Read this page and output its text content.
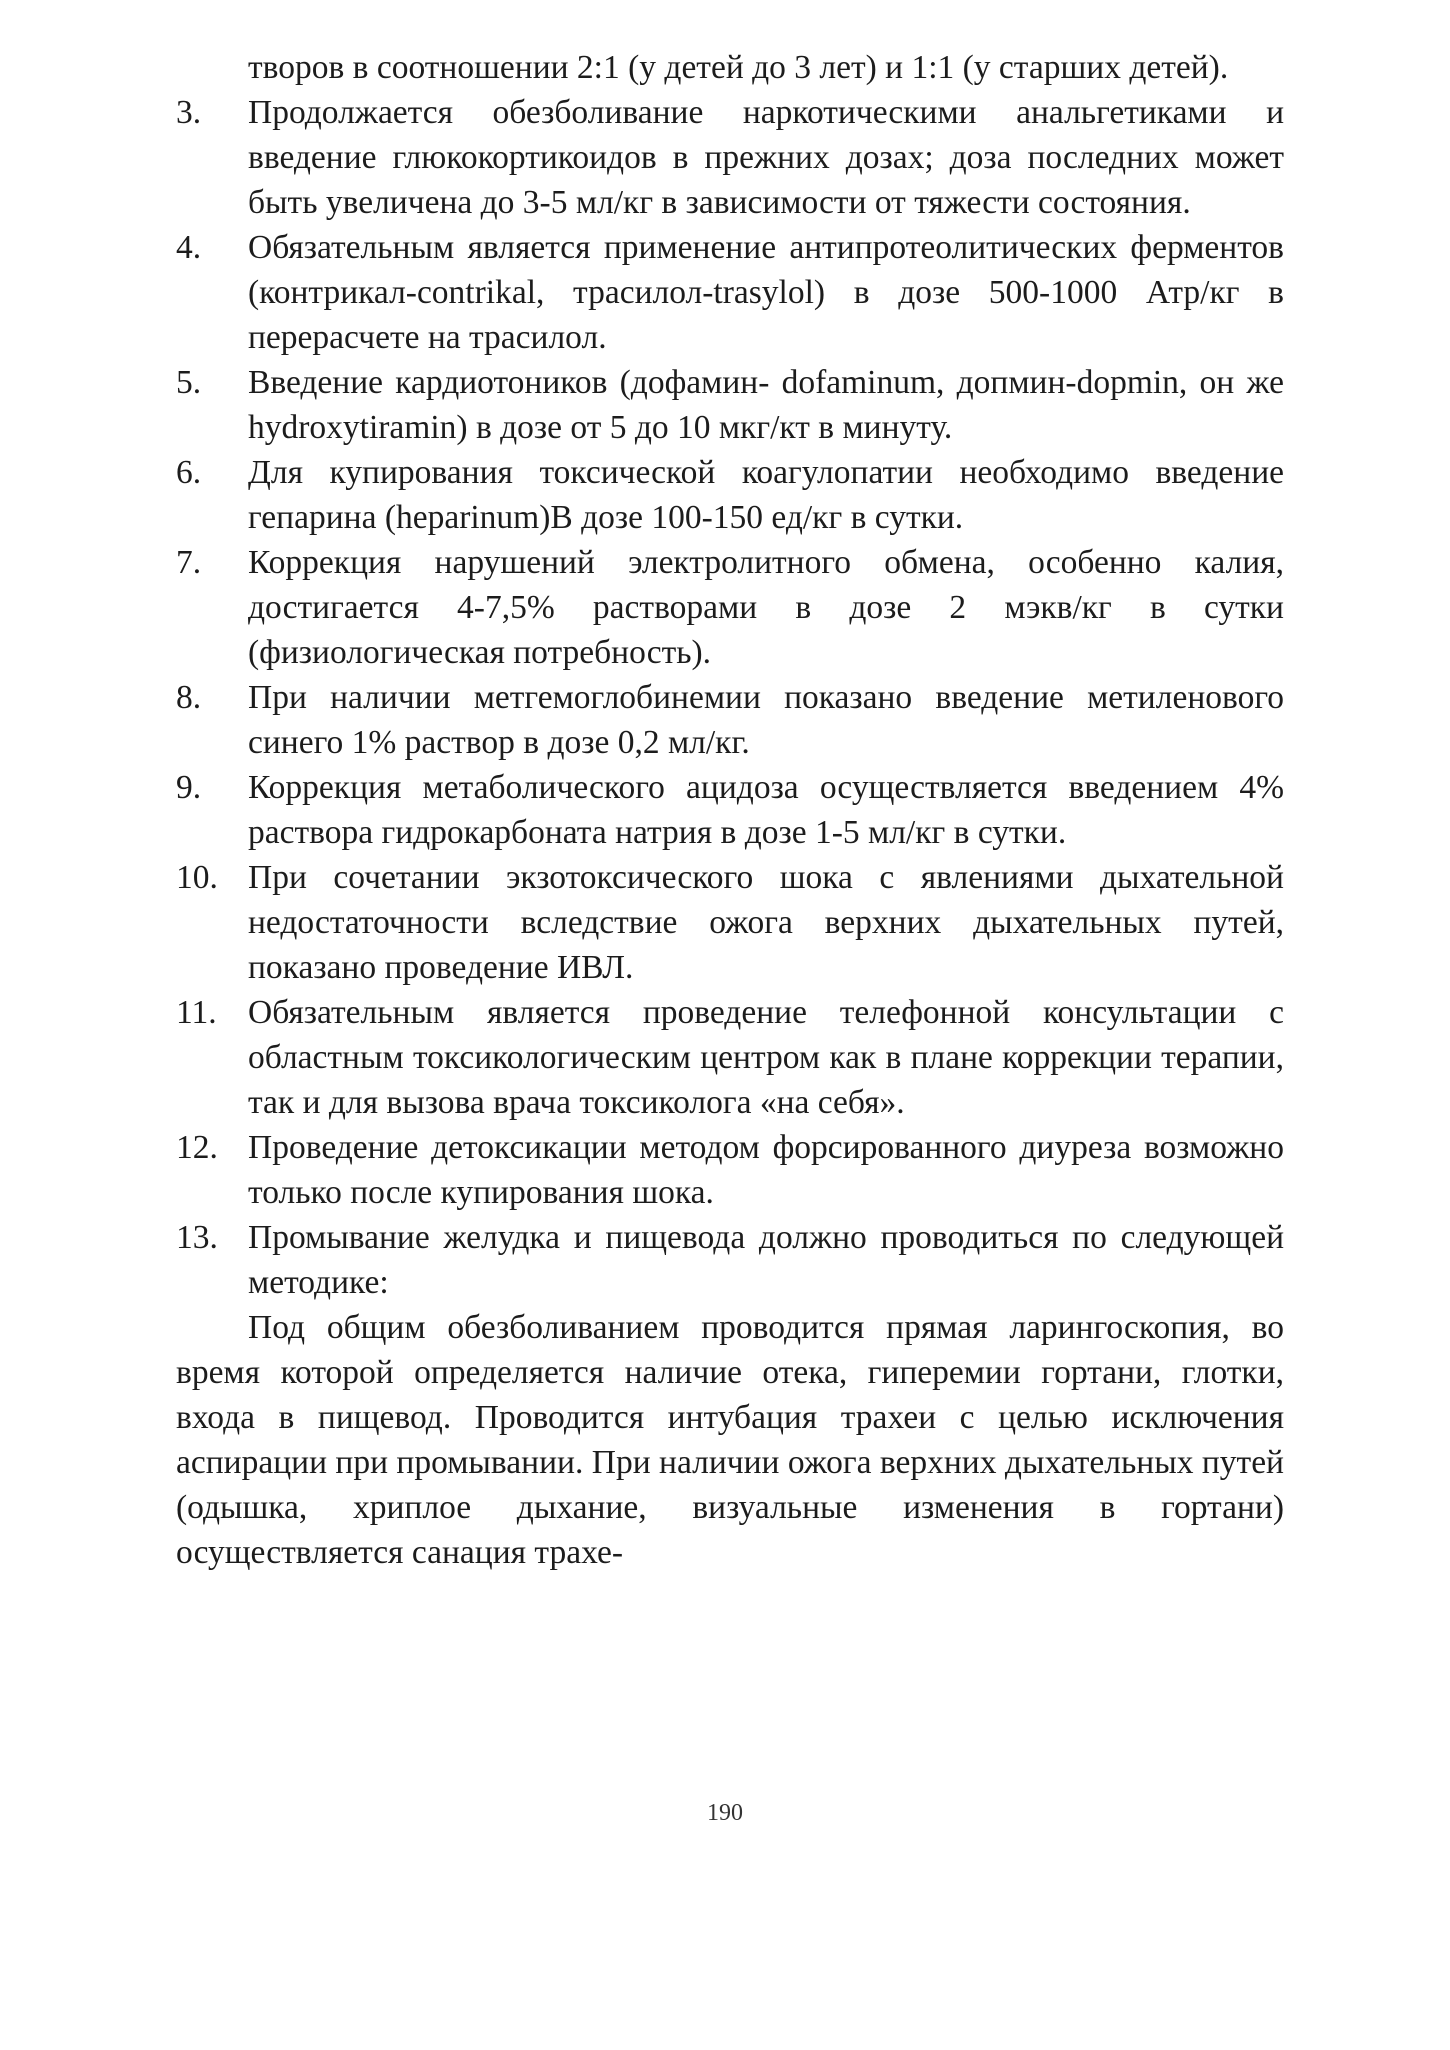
творов в соотношении 2:1 (у детей до 3 лет) и 1:1 (у старших детей).

3. Продолжается обезболивание наркотическими анальгетиками и введение глюкокортикоидов в прежних дозах; доза последних может быть увеличена до 3-5 мл/кг в зависимости от тяжести состояния.

4. Обязательным является применение антипротеолитических ферментов (контрикал-contrikal, трасилол-trasylol) в дозе 500-1000 Атр/кг в перерасчете на трасилол.

5. Введение кардиотоников (дофамин- dofaminum, допмин-dopmin, он же hydroxytiramin) в дозе от 5 до 10 мкг/кт в минуту.

6. Для купирования токсической коагулопатии необходимо введение гепарина (heparinum)B дозе 100-150 ед/кг в сутки.

7. Коррекция нарушений электролитного обмена, особенно калия, достигается 4-7,5% растворами в дозе 2 мэкв/кг в сутки (физиологическая потребность).

8. При наличии метгемоглобинемии показано введение метиленового синего 1% раствор в дозе 0,2 мл/кг.

9. Коррекция метаболического ацидоза осуществляется введением 4% раствора гидрокарбоната натрия в дозе 1-5 мл/кг в сутки.

10. При сочетании экзотоксического шока с явлениями дыхательной недостаточности вследствие ожога верхних дыхательных путей, показано проведение ИВЛ.

11. Обязательным является проведение телефонной консультации с областным токсикологическим центром как в плане коррекции терапии, так и для вызова врача токсиколога «на себя».

12. Проведение детоксикации методом форсированного диуреза возможно только после купирования шока.

13. Промывание желудка и пищевода должно проводиться по следующей методике:

Под общим обезболиванием проводится прямая ларингоскопия, во время которой определяется наличие отека, гиперемии гортани, глотки, входа в пищевод. Проводится интубация трахеи с целью исключения аспирации при промывании. При наличии ожога верхних дыхательных путей (одышка, хриплое дыхание, визуальные изменения в гортани) осуществляется санация трахе-

190
